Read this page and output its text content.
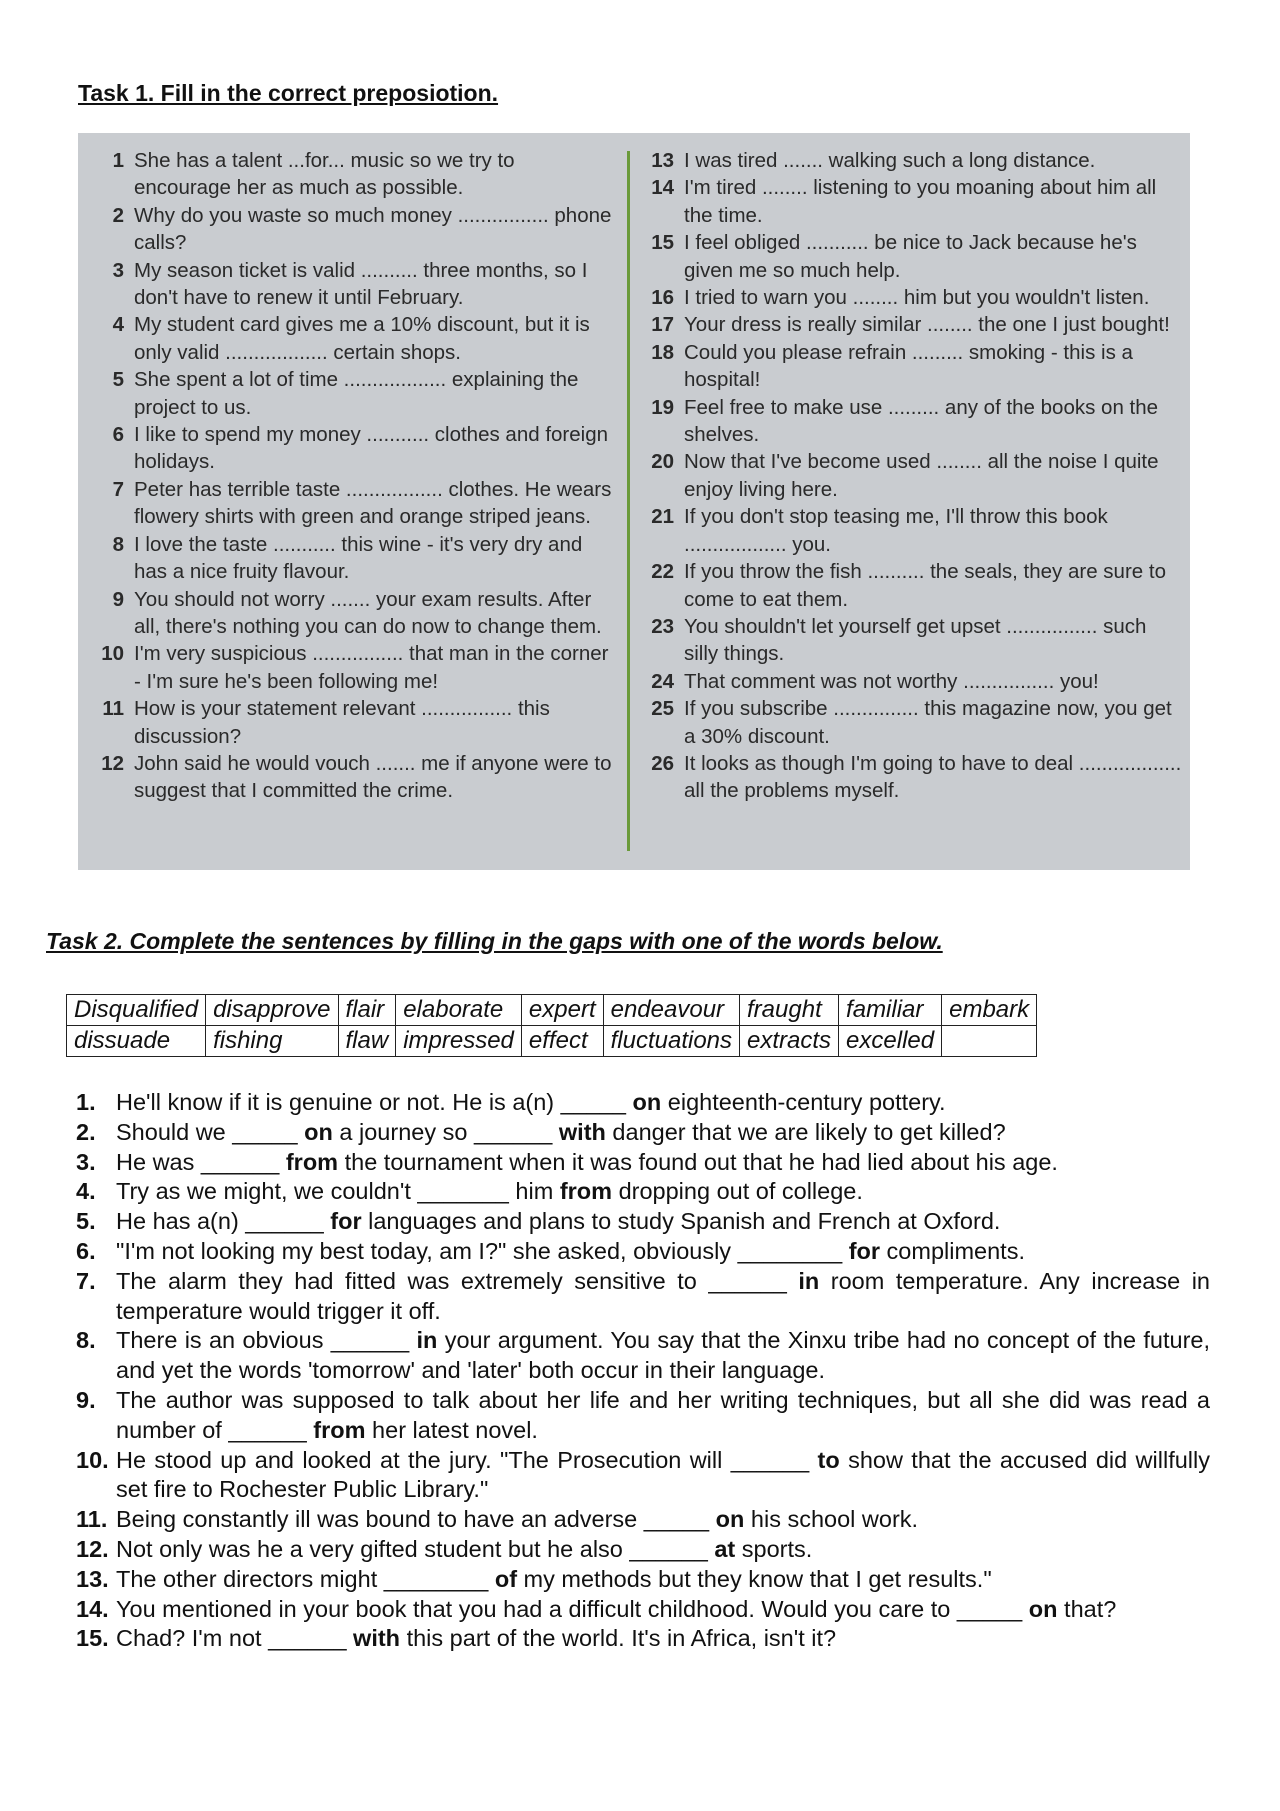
Task 1. Fill in the correct preposiotion.
1 She has a talent ...for... music so we try to encourage her as much as possible.
2 Why do you waste so much money ................ phone calls?
3 My season ticket is valid .......... three months, so I don't have to renew it until February.
4 My student card gives me a 10% discount, but it is only valid .................. certain shops.
5 She spent a lot of time .................. explaining the project to us.
6 I like to spend my money ........... clothes and foreign holidays.
7 Peter has terrible taste ................. clothes. He wears flowery shirts with green and orange striped jeans.
8 I love the taste ........... this wine - it's very dry and has a nice fruity flavour.
9 You should not worry ....... your exam results. After all, there's nothing you can do now to change them.
10 I'm very suspicious ................ that man in the corner - I'm sure he's been following me!
11 How is your statement relevant ................ this discussion?
12 John said he would vouch ....... me if anyone were to suggest that I committed the crime.
13 I was tired ....... walking such a long distance.
14 I'm tired ........ listening to you moaning about him all the time.
15 I feel obliged ........... be nice to Jack because he's given me so much help.
16 I tried to warn you ........ him but you wouldn't listen.
17 Your dress is really similar ........ the one I just bought!
18 Could you please refrain ......... smoking - this is a hospital!
19 Feel free to make use ......... any of the books on the shelves.
20 Now that I've become used ........ all the noise I quite enjoy living here.
21 If you don't stop teasing me, I'll throw this book .................. you.
22 If you throw the fish .......... the seals, they are sure to come to eat them.
23 You shouldn't let yourself get upset ................ such silly things.
24 That comment was not worthy ................ you!
25 If you subscribe ............... this magazine now, you get a 30% discount.
26 It looks as though I'm going to have to deal .................. all the problems myself.
Task 2. Complete the sentences by filling in the gaps with one of the words below.
Disqualified	disapprove	flair	elaborate	expert	endeavour	fraught	familiar	embark
dissuade	fishing	flaw	impressed	effect	fluctuations	extracts	excelled	
1. He'll know if it is genuine or not. He is a(n) _____ on eighteenth-century pottery.
2. Should we _____ on a journey so ______ with danger that we are likely to get killed?
3. He was ______ from the tournament when it was found out that he had lied about his age.
4. Try as we might, we couldn't _______ him from dropping out of college.
5. He has a(n) ______ for languages and plans to study Spanish and French at Oxford.
6. "I'm not looking my best today, am I?" she asked, obviously ________ for compliments.
7. The alarm they had fitted was extremely sensitive to ______ in room temperature. Any increase in temperature would trigger it off.
8. There is an obvious ______ in your argument. You say that the Xinxu tribe had no concept of the future, and yet the words 'tomorrow' and 'later' both occur in their language.
9. The author was supposed to talk about her life and her writing techniques, but all she did was read a number of ______ from her latest novel.
10. He stood up and looked at the jury. "The Prosecution will ______ to show that the accused did willfully set fire to Rochester Public Library."
11. Being constantly ill was bound to have an adverse _____ on his school work.
12. Not only was he a very gifted student but he also ______ at sports.
13. The other directors might ________ of my methods but they know that I get results."
14. You mentioned in your book that you had a difficult childhood. Would you care to _____ on that?
15. Chad? I'm not ______ with this part of the world. It's in Africa, isn't it?
